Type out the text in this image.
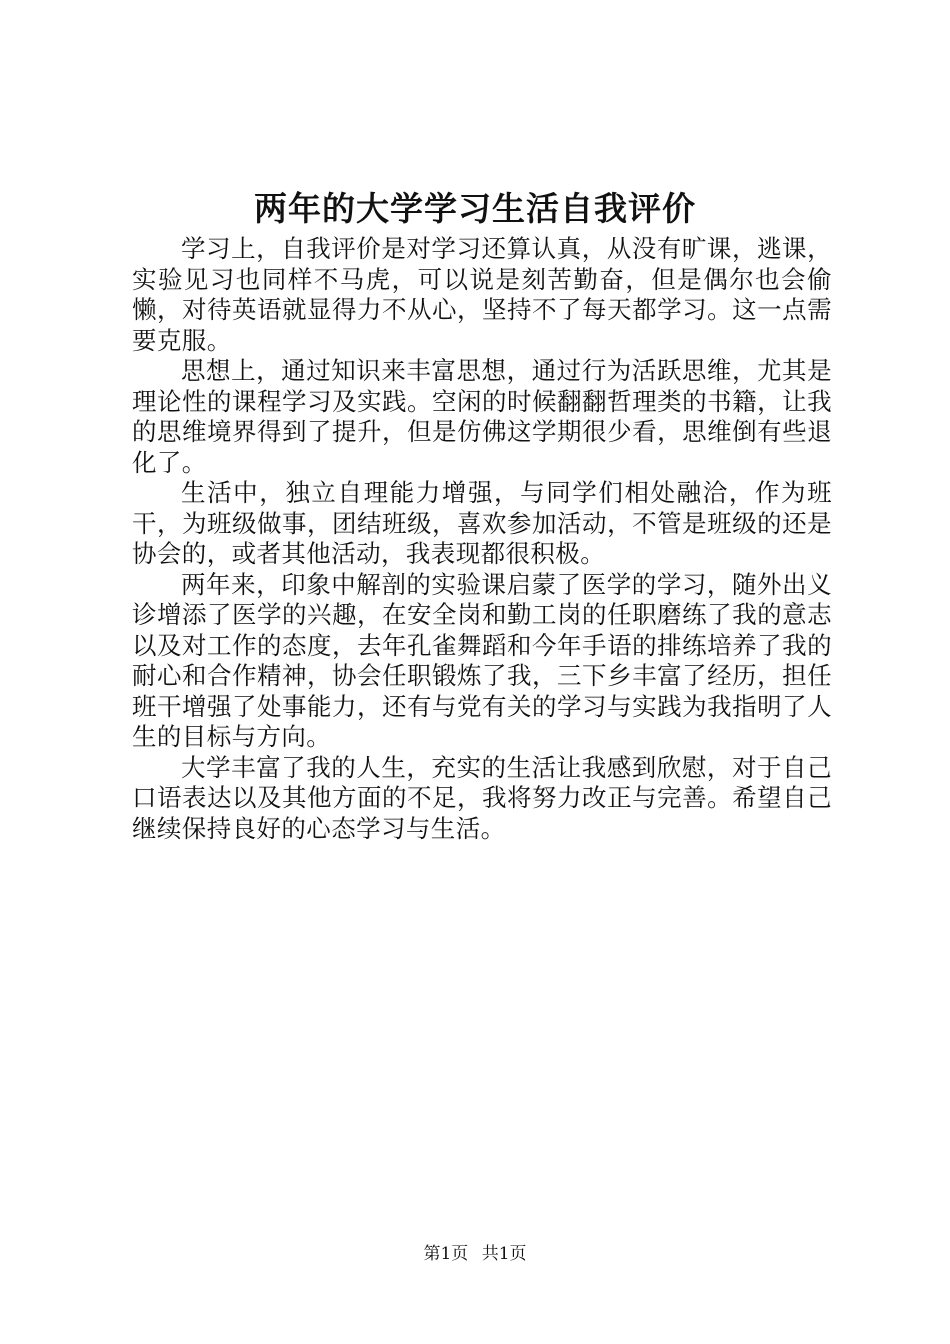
两年的大学学习生活自我评价

学习上，自我评价是对学习还算认真，从没有旷课，逃课，实验见习也同样不马虎，可以说是刻苦勤奋，但是偶尔也会偷懒，对待英语就显得力不从心，坚持不了每天都学习。这一点需要克服。

思想上，通过知识来丰富思想，通过行为活跃思维，尤其是理论性的课程学习及实践。空闲的时候翻翻哲理类的书籍，让我的思维境界得到了提升，但是仿佛这学期很少看，思维倒有些退化了。

生活中，独立自理能力增强，与同学们相处融洽，作为班干，为班级做事，团结班级，喜欢参加活动，不管是班级的还是协会的，或者其他活动，我表现都很积极。

两年来，印象中解剖的实验课启蒙了医学的学习，随外出义诊增添了医学的兴趣，在安全岗和勤工岗的任职磨练了我的意志以及对工作的态度，去年孔雀舞蹈和今年手语的排练培养了我的耐心和合作精神，协会任职锻炼了我，三下乡丰富了经历，担任班干增强了处事能力，还有与党有关的学习与实践为我指明了人生的目标与方向。

大学丰富了我的人生，充实的生活让我感到欣慰，对于自己口语表达以及其他方面的不足，我将努力改正与完善。希望自己继续保持良好的心态学习与生活。

第1页 共1页
